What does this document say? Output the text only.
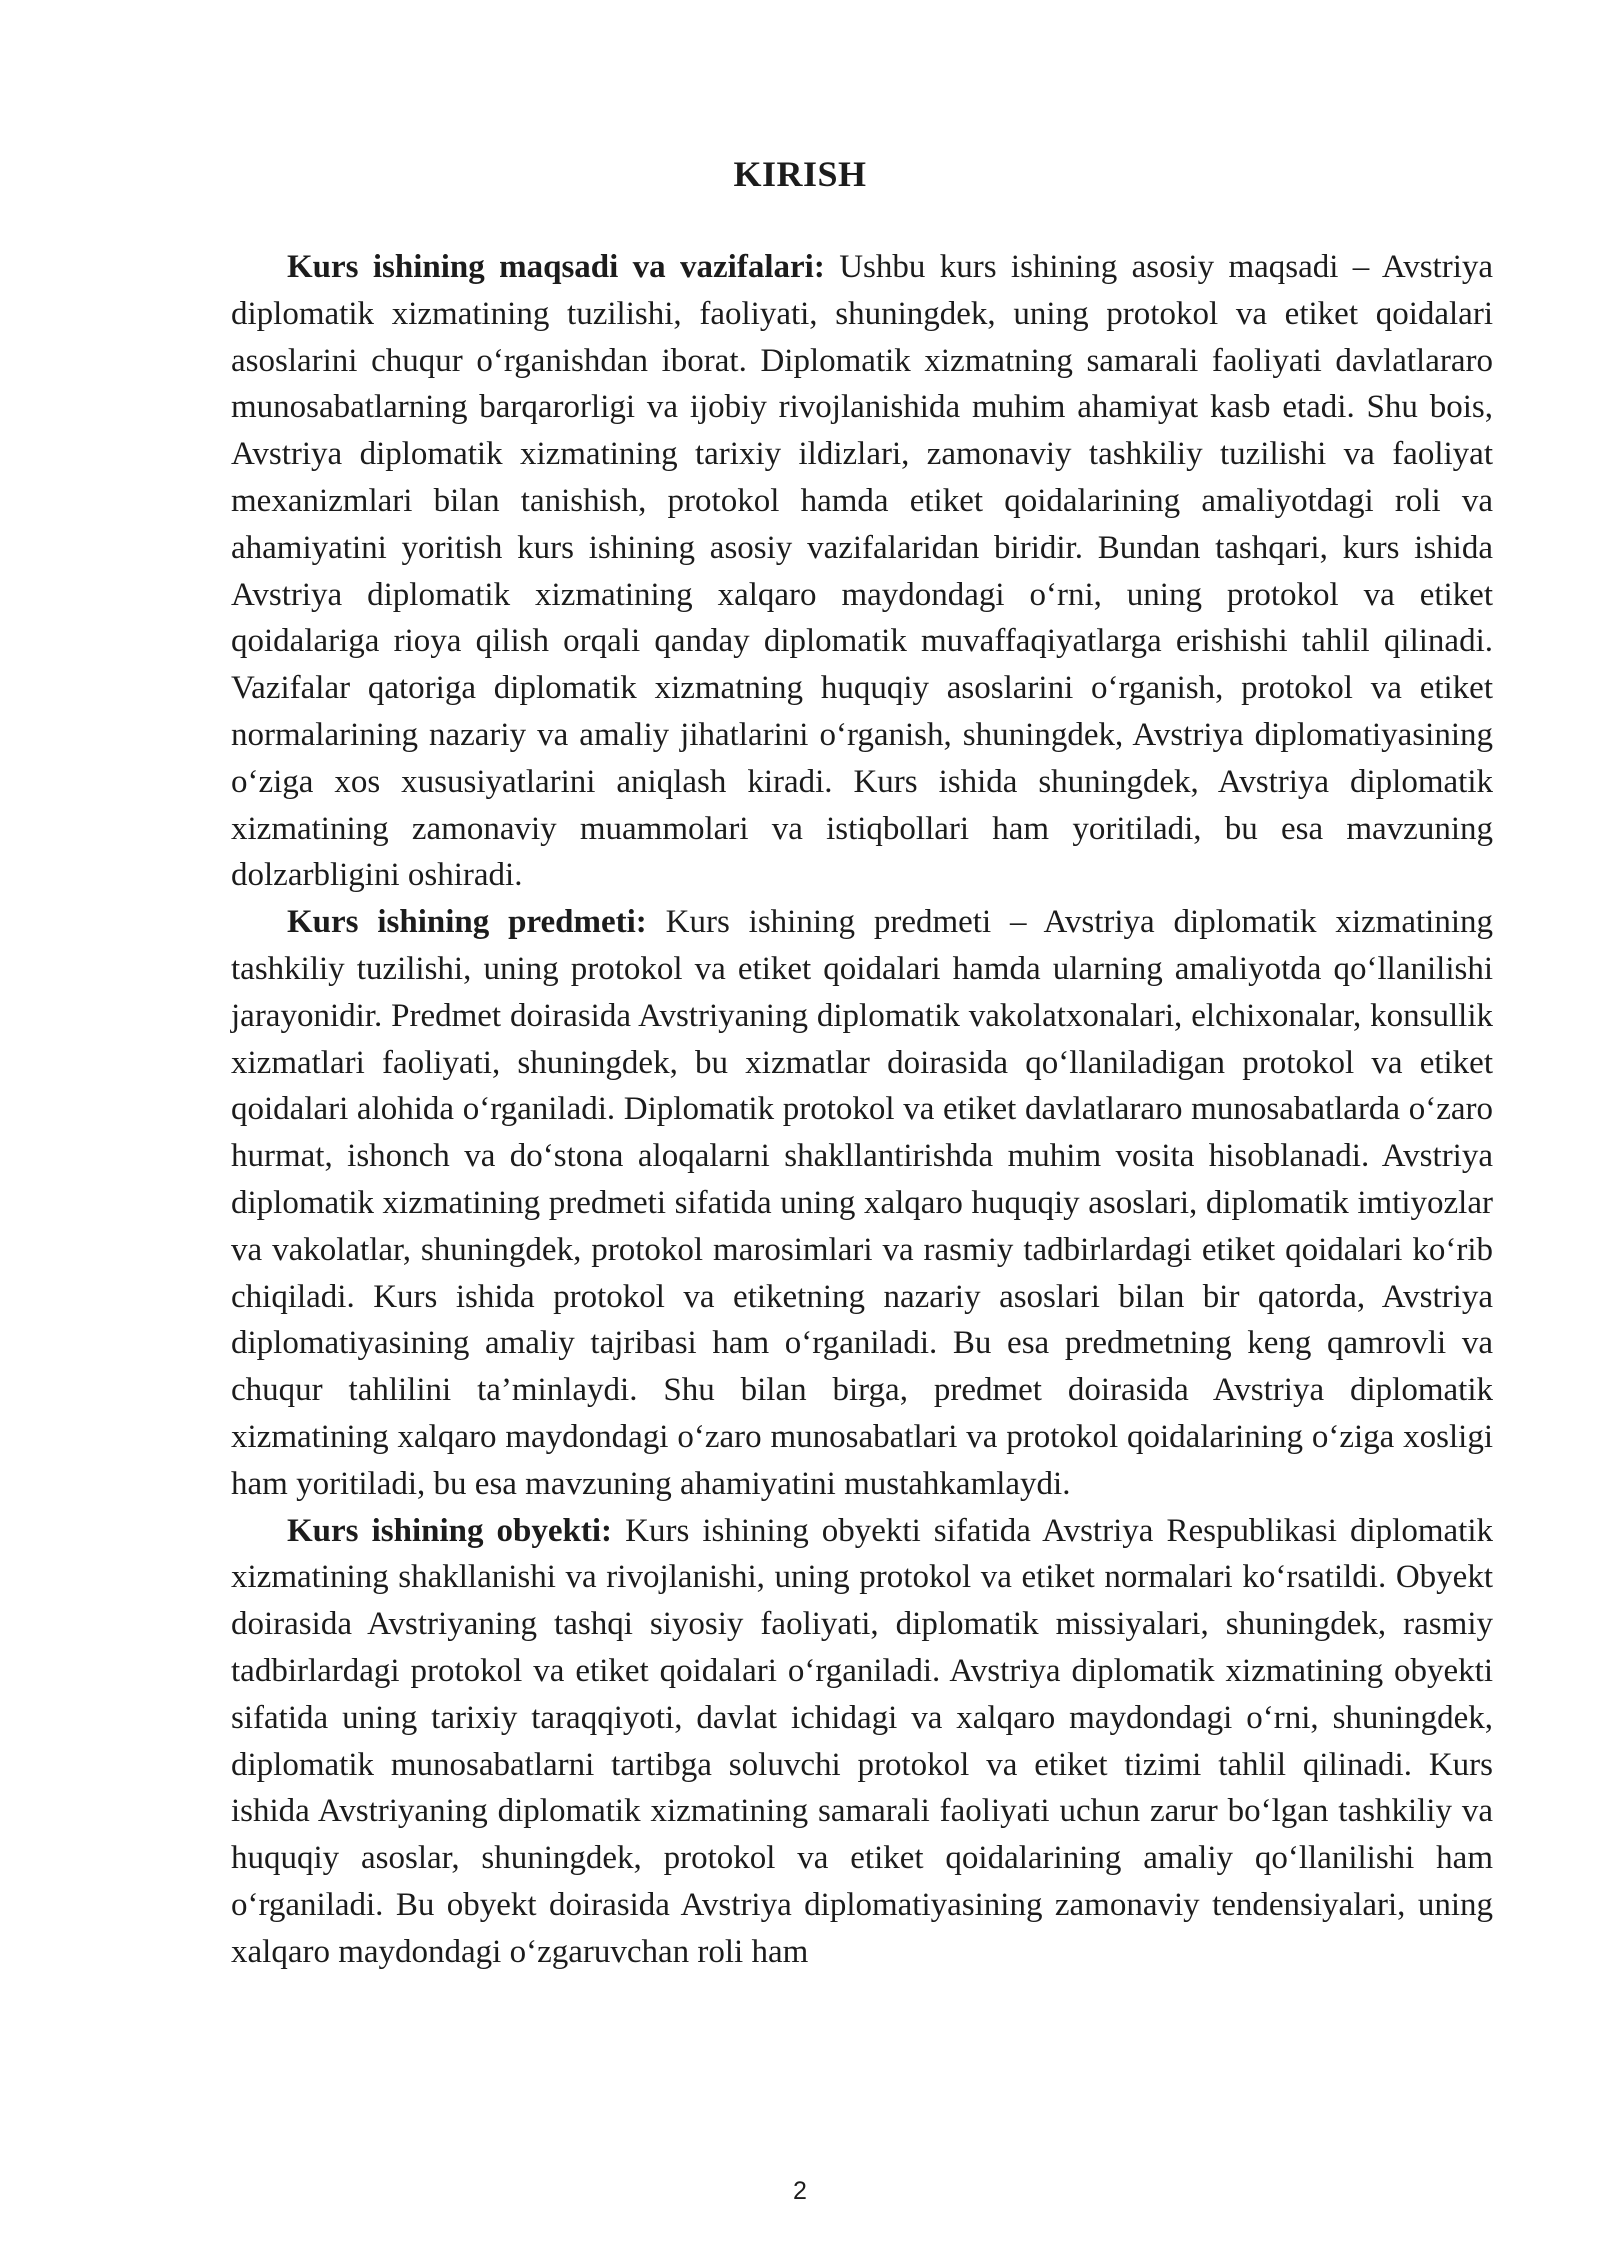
KIRISH

Kurs ishining maqsadi va vazifalari: Ushbu kurs ishining asosiy maqsadi – Avstriya diplomatik xizmatining tuzilishi, faoliyati, shuningdek, uning protokol va etiket qoidalari asoslarini chuqur o‘rganishdan iborat. Diplomatik xizmatning samarali faoliyati davlatlararo munosabatlarning barqarorligi va ijobiy rivojlanishida muhim ahamiyat kasb etadi. Shu bois, Avstriya diplomatik xizmatining tarixiy ildizlari, zamonaviy tashkiliy tuzilishi va faoliyat mexanizmlari bilan tanishish, protokol hamda etiket qoidalarining amaliyotdagi roli va ahamiyatini yoritish kurs ishining asosiy vazifalaridan biridir. Bundan tashqari, kurs ishida Avstriya diplomatik xizmatining xalqaro maydondagi o‘rni, uning protokol va etiket qoidalariga rioya qilish orqali qanday diplomatik muvaffaqiyatlarga erishishi tahlil qilinadi. Vazifalar qatoriga diplomatik xizmatning huquqiy asoslarini o‘rganish, protokol va etiket normalarining nazariy va amaliy jihatlarini o‘rganish, shuningdek, Avstriya diplomatiyasining o‘ziga xos xususiyatlarini aniqlash kiradi. Kurs ishida shuningdek, Avstriya diplomatik xizmatining zamonaviy muammolari va istiqbollari ham yoritiladi, bu esa mavzuning dolzarbligini oshiradi.

Kurs ishining predmeti: Kurs ishining predmeti – Avstriya diplomatik xizmatining tashkiliy tuzilishi, uning protokol va etiket qoidalari hamda ularning amaliyotda qo‘llanilishi jarayonidir. Predmet doirasida Avstriyaning diplomatik vakolatxonalari, elchixonalar, konsullik xizmatlari faoliyati, shuningdek, bu xizmatlar doirasida qo‘llaniladigan protokol va etiket qoidalari alohida o‘rganiladi. Diplomatik protokol va etiket davlatlararo munosabatlarda o‘zaro hurmat, ishonch va do‘stona aloqalarni shakllantirishda muhim vosita hisoblanadi. Avstriya diplomatik xizmatining predmeti sifatida uning xalqaro huquqiy asoslari, diplomatik imtiyozlar va vakolatlar, shuningdek, protokol marosimlari va rasmiy tadbirlardagi etiket qoidalari ko‘rib chiqiladi. Kurs ishida protokol va etiketning nazariy asoslari bilan bir qatorda, Avstriya diplomatiyasining amaliy tajribasi ham o‘rganiladi. Bu esa predmetning keng qamrovli va chuqur tahlilini ta’minlaydi. Shu bilan birga, predmet doirasida Avstriya diplomatik xizmatining xalqaro maydondagi o‘zaro munosabatlari va protokol qoidalarining o‘ziga xosligi ham yoritiladi, bu esa mavzuning ahamiyatini mustahkamlaydi.

Kurs ishining obyekti: Kurs ishining obyekti sifatida Avstriya Respublikasi diplomatik xizmatining shakllanishi va rivojlanishi, uning protokol va etiket normalari ko‘rsatildi. Obyekt doirasida Avstriyaning tashqi siyosiy faoliyati, diplomatik missiyalari, shuningdek, rasmiy tadbirlardagi protokol va etiket qoidalari o‘rganiladi. Avstriya diplomatik xizmatining obyekti sifatida uning tarixiy taraqqiyoti, davlat ichidagi va xalqaro maydondagi o‘rni, shuningdek, diplomatik munosabatlarni tartibga soluvchi protokol va etiket tizimi tahlil qilinadi. Kurs ishida Avstriyaning diplomatik xizmatining samarali faoliyati uchun zarur bo‘lgan tashkiliy va huquqiy asoslar, shuningdek, protokol va etiket qoidalarining amaliy qo‘llanilishi ham o‘rganiladi. Bu obyekt doirasida Avstriya diplomatiyasining zamonaviy tendensiyalari, uning xalqaro maydondagi o‘zgaruvchan roli ham

2
